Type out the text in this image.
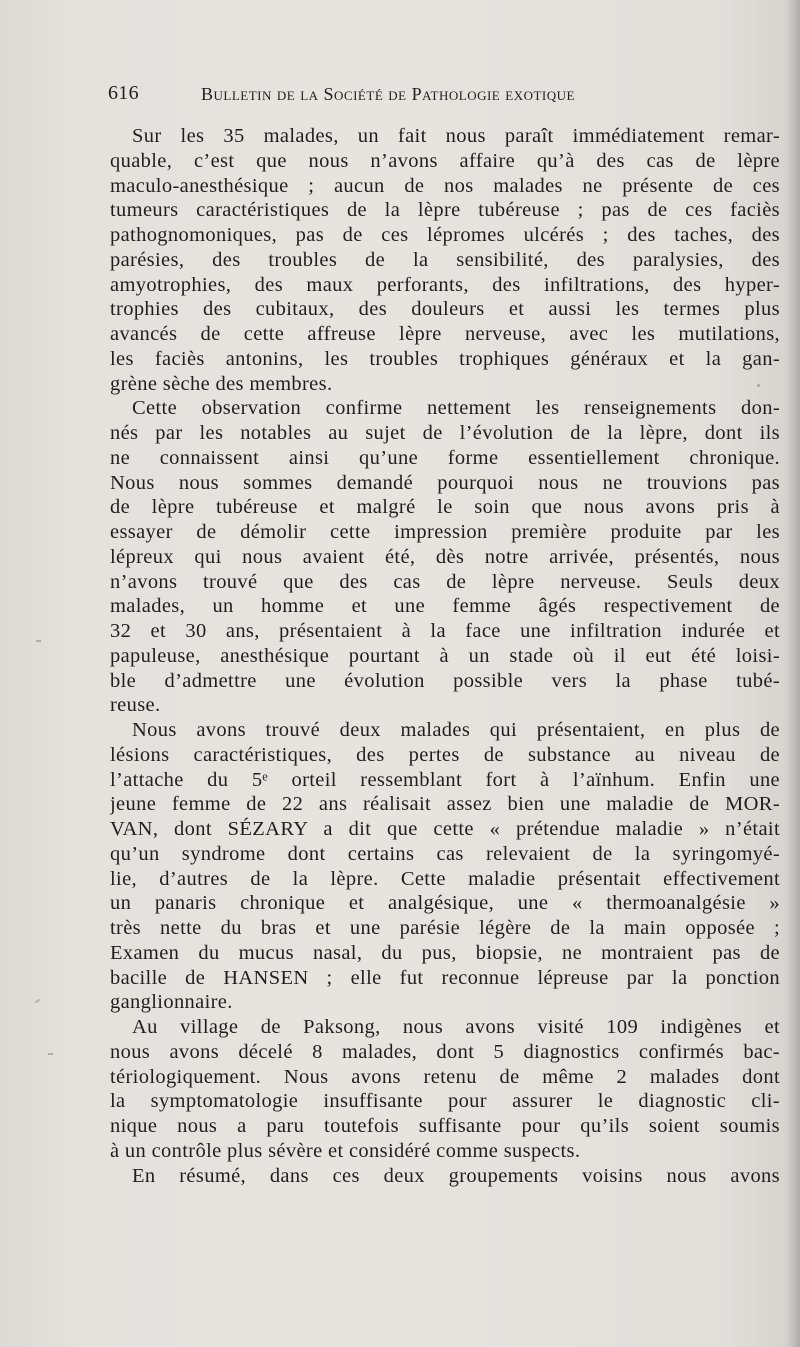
616	Bulletin de la Société de Pathologie exotique
Sur les 35 malades, un fait nous paraît immédiatement remar-
quable, c’est que nous n’avons affaire qu’à des cas de lèpre
maculo-anesthésique ; aucun de nos malades ne présente de ces
tumeurs caractéristiques de la lèpre tubéreuse ; pas de ces faciès
pathognomoniques, pas de ces lépromes ulcérés ; des taches, des
parésies, des troubles de la sensibilité, des paralysies, des
amyotrophies, des maux perforants, des infiltrations, des hyper-
trophies des cubitaux, des douleurs et aussi les termes plus
avancés de cette affreuse lèpre nerveuse, avec les mutilations,
les faciès antonins, les troubles trophiques généraux et la gan-
grène sèche des membres.
Cette observation confirme nettement les renseignements don-
nés par les notables au sujet de l’évolution de la lèpre, dont ils
ne connaissent ainsi qu’une forme essentiellement chronique.
Nous nous sommes demandé pourquoi nous ne trouvions pas
de lèpre tubéreuse et malgré le soin que nous avons pris à
essayer de démolir cette impression première produite par les
lépreux qui nous avaient été, dès notre arrivée, présentés, nous
n’avons trouvé que des cas de lèpre nerveuse. Seuls deux
malades, un homme et une femme âgés respectivement de
32 et 30 ans, présentaient à la face une infiltration indurée et
papuleuse, anesthésique pourtant à un stade où il eut été loisi-
ble d’admettre une évolution possible vers la phase tubé-
reuse.
Nous avons trouvé deux malades qui présentaient, en plus de
lésions caractéristiques, des pertes de substance au niveau de
l’attache du 5ᵉ orteil ressemblant fort à l’aïnhum. Enfin une
jeune femme de 22 ans réalisait assez bien une maladie de MOR-
VAN, dont SÉZARY a dit que cette « prétendue maladie » n’était
qu’un syndrome dont certains cas relevaient de la syringomyé-
lie, d’autres de la lèpre. Cette maladie présentait effectivement
un panaris chronique et analgésique, une « thermoanalgésie »
très nette du bras et une parésie légère de la main opposée ;
Examen du mucus nasal, du pus, biopsie, ne montraient pas de
bacille de HANSEN ; elle fut reconnue lépreuse par la ponction
ganglionnaire.
Au village de Paksong, nous avons visité 109 indigènes et
nous avons décelé 8 malades, dont 5 diagnostics confirmés bac-
tériologiquement. Nous avons retenu de même 2 malades dont
la symptomatologie insuffisante pour assurer le diagnostic cli-
nique nous a paru toutefois suffisante pour qu’ils soient soumis
à un contrôle plus sévère et considéré comme suspects.
En résumé, dans ces deux groupements voisins nous avons
